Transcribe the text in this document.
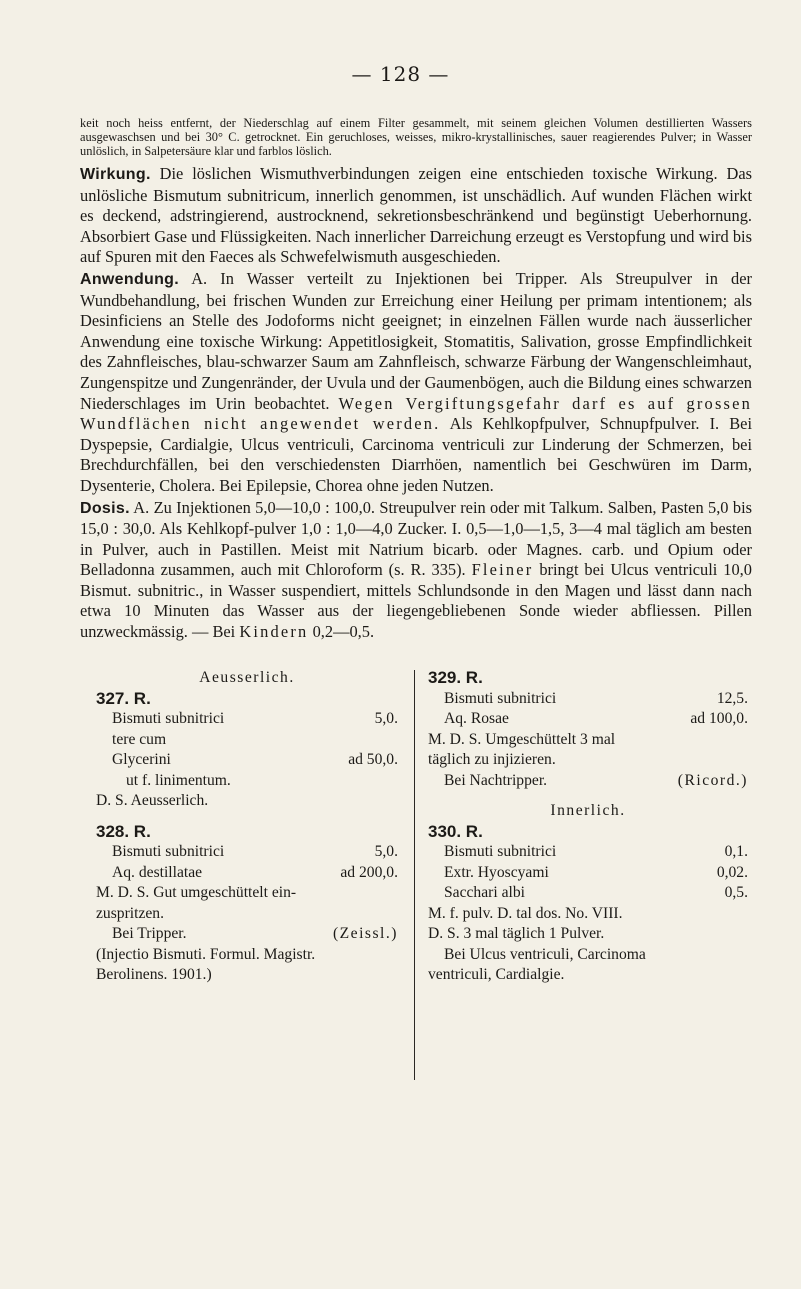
— 128 —
keit noch heiss entfernt, der Niederschlag auf einem Filter gesammelt, mit seinem gleichen Volumen destillierten Wassers ausgewaschsen und bei 30° C. getrocknet. Ein geruchloses, weisses, mikro-krystallinisches, sauer reagierendes Pulver; in Wasser unlöslich, in Salpetersäure klar und farblos löslich.

Wirkung. Die löslichen Wismuthverbindungen zeigen eine entschieden toxische Wirkung. Das unlösliche Bismutum subnitricum, innerlich genommen, ist unschädlich. Auf wunden Flächen wirkt es deckend, adstringierend, austrocknend, sekretionsbeschränkend und begünstigt Ueberhornung. Absorbiert Gase und Flüssigkeiten. Nach innerlicher Darreichung erzeugt es Verstopfung und wird bis auf Spuren mit den Faeces als Schwefelwismuth ausgeschieden.

Anwendung. A. In Wasser verteilt zu Injektionen bei Tripper. Als Streupulver in der Wundbehandlung, bei frischen Wunden zur Erreichung einer Heilung per primam intentionem; als Desinficiens an Stelle des Jodoforms nicht geeignet; in einzelnen Fällen wurde nach äusserlicher Anwendung eine toxische Wirkung: Appetitlosigkeit, Stomatitis, Salivation, grosse Empfindlichkeit des Zahnfleisches, blau-schwarzer Saum am Zahnfleisch, schwarze Färbung der Wangenschleimhaut, Zungenspitze und Zungenränder, der Uvula und der Gaumenbögen, auch die Bildung eines schwarzen Niederschlages im Urin beobachtet. Wegen Vergiftungsgefahr darf es auf grossen Wundflächen nicht angewendet werden. Als Kehlkopfpulver, Schnupfpulver. I. Bei Dyspepsie, Cardialgie, Ulcus ventriculi, Carcinoma ventriculi zur Linderung der Schmerzen, bei Brechdurchfällen, bei den verschiedensten Diarrhöen, namentlich bei Geschwüren im Darm, Dysenterie, Cholera. Bei Epilepsie, Chorea ohne jeden Nutzen.

Dosis. A. Zu Injektionen 5,0—10,0 : 100,0. Streupulver rein oder mit Talkum. Salben, Pasten 5,0 bis 15,0 : 30,0. Als Kehlkopf-pulver 1,0 : 1,0—4,0 Zucker. I. 0,5—1,0—1,5, 3—4 mal täglich am besten in Pulver, auch in Pastillen. Meist mit Natrium bicarb. oder Magnes. carb. und Opium oder Belladonna zusammen, auch mit Chloroform (s. R. 335). Fleiner bringt bei Ulcus ventriculi 10,0 Bismut. subnitric., in Wasser suspendiert, mittels Schlundsonde in den Magen und lässt dann nach etwa 10 Minuten das Wasser aus der liegengebliebenen Sonde wieder abfliessen. Pillen unzweckmässig. — Bei Kindern 0,2—0,5.

Aeusserlich.
327. R.
Bismuti subnitrici	5,0.
tere cum
Glycerini	ad 50,0.
ut f. linimentum.
D. S. Aeusserlich.
328. R.
Bismuti subnitrici	5,0.
Aq. destillatae	ad 200,0.
M. D. S. Gut umgeschüttelt ein-
zuspritzen.
Bei Tripper.	(Zeissl.)
(Injectio Bismuti. Formul. Magistr.
Berolinens. 1901.)
329. R.
Bismuti subnitrici	12,5.
Aq. Rosae	ad 100,0.
M. D. S. Umgeschüttelt 3 mal
täglich zu injizieren.
Bei Nachtripper.	(Ricord.)
Innerlich.
330. R.
Bismuti subnitrici	0,1.
Extr. Hyoscyami	0,02.
Sacchari albi	0,5.
M. f. pulv. D. tal dos. No. VIII.
D. S. 3 mal täglich 1 Pulver.
Bei Ulcus ventriculi, Carcinoma
ventriculi, Cardialgie.
